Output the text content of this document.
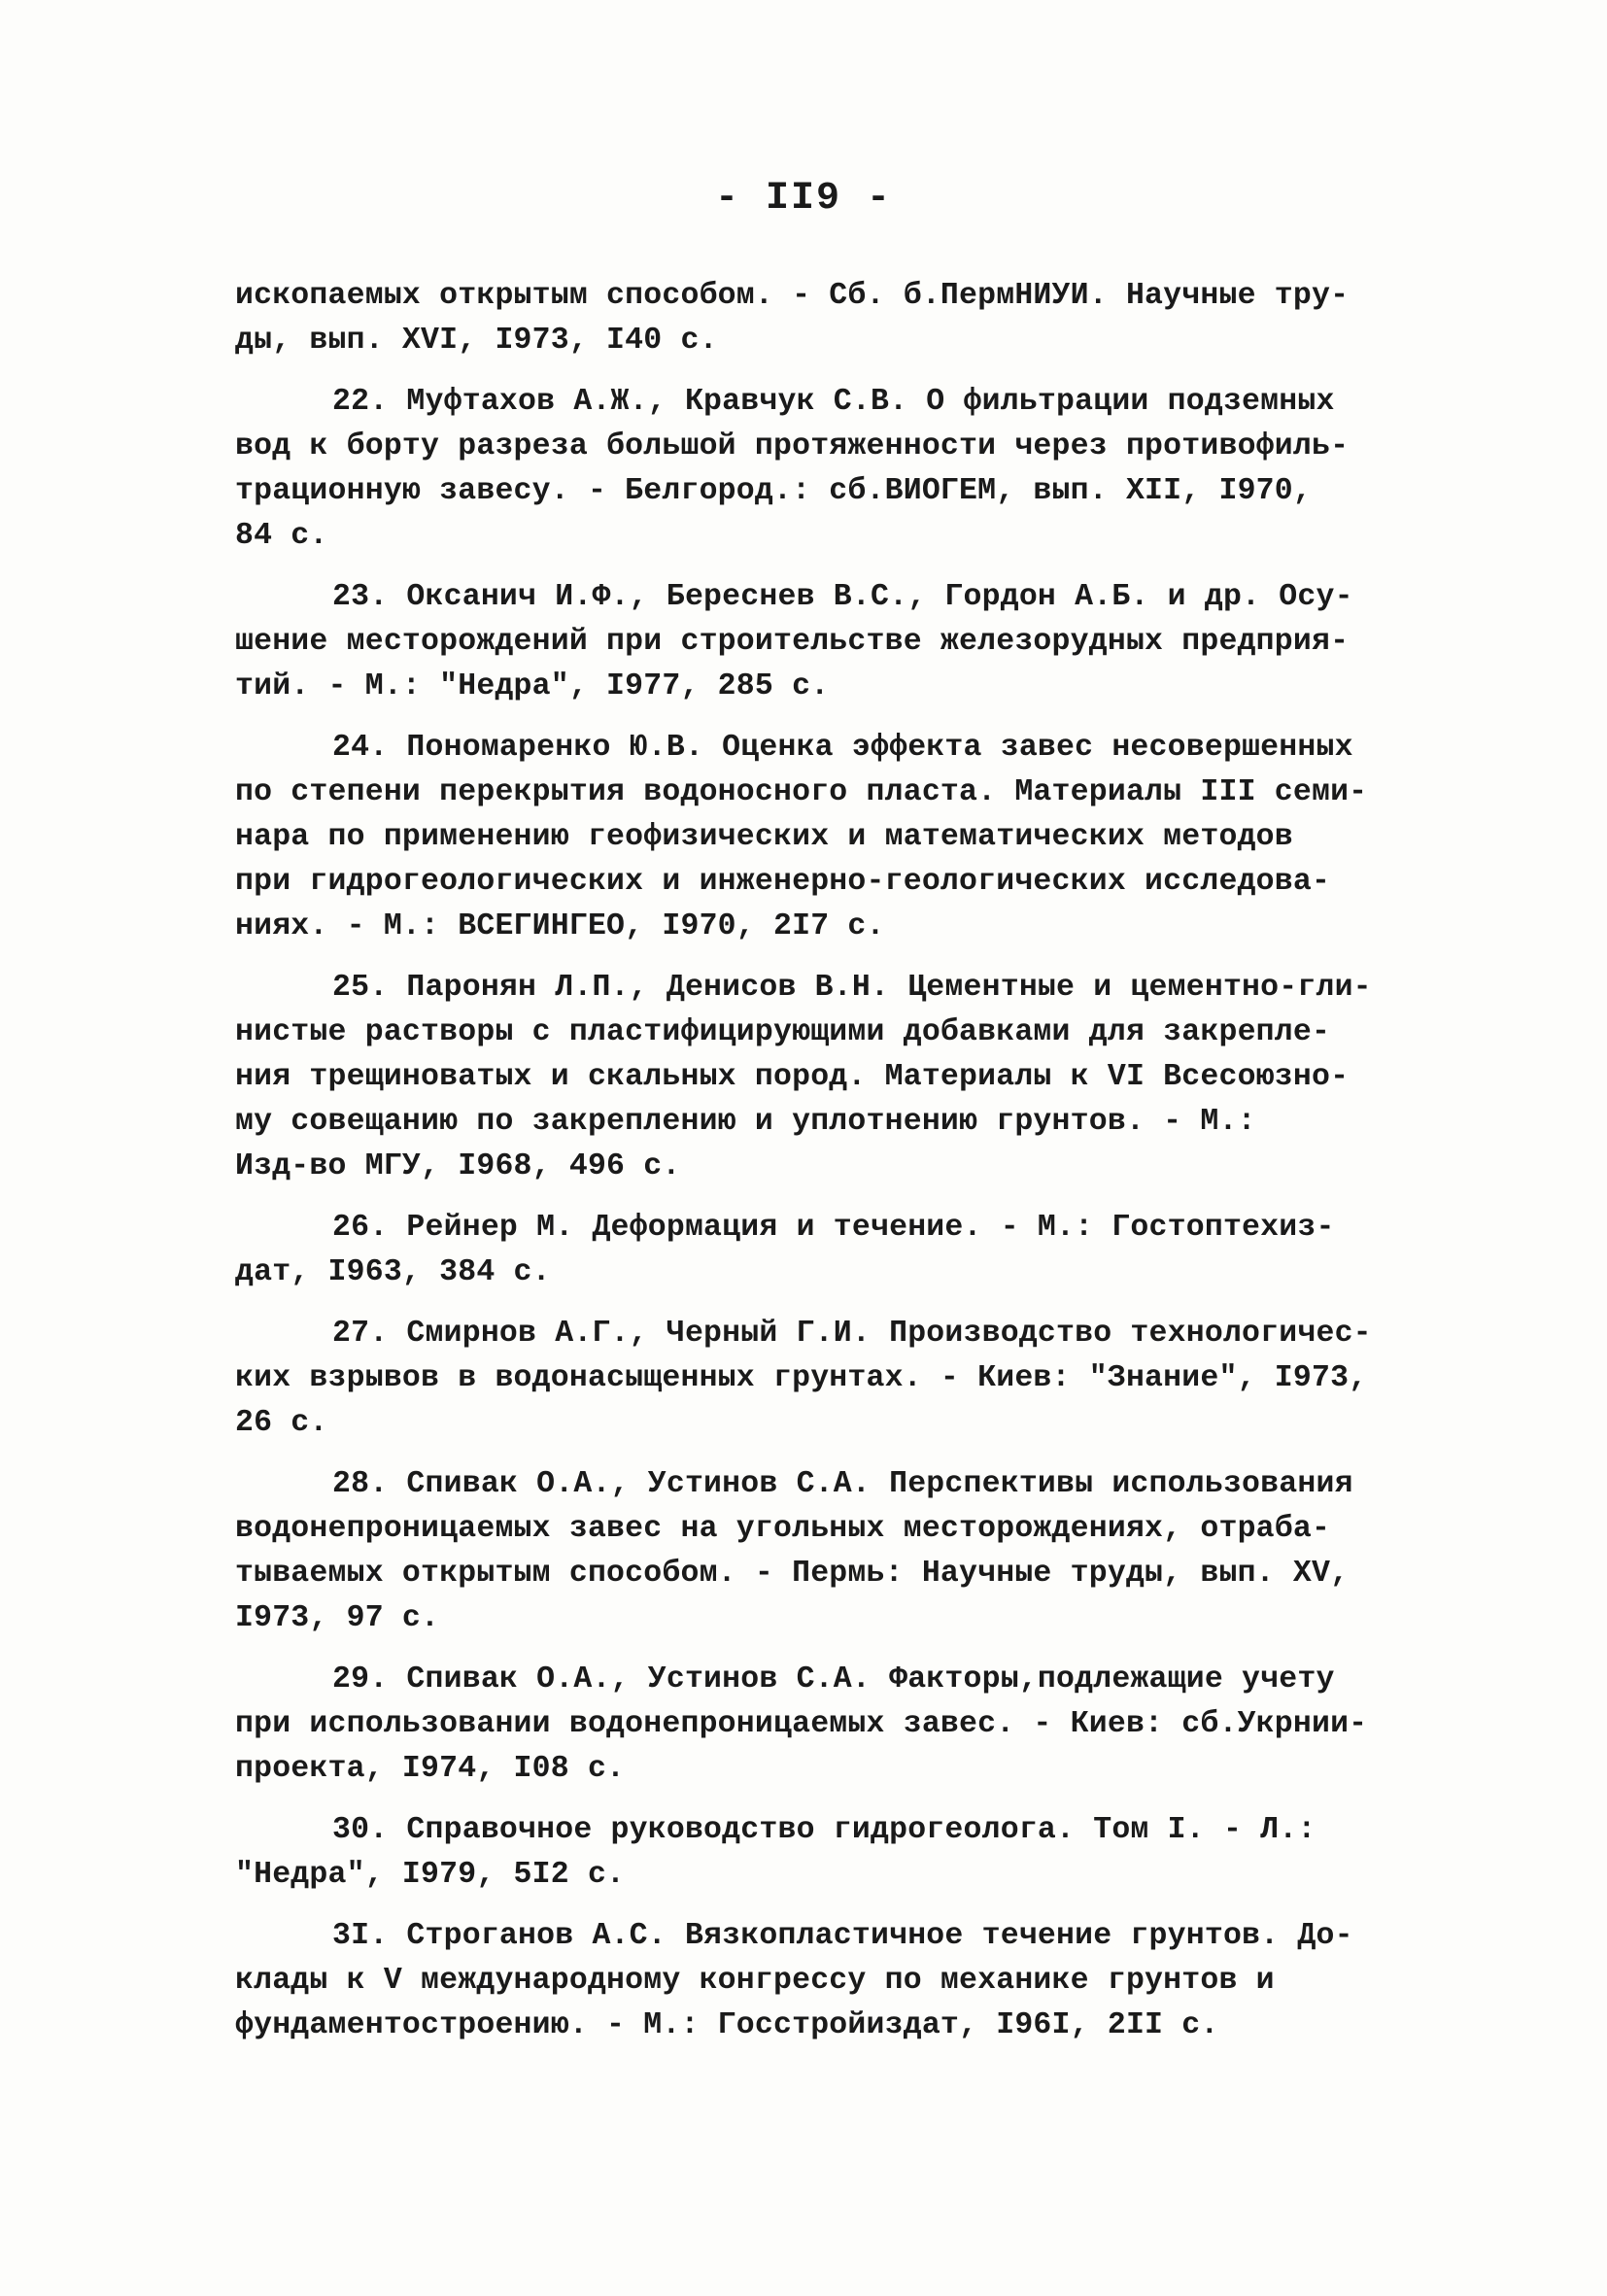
- II9 -
ископаемых открытым способом. - Сб. б.ПермНИУИ. Научные тру-
ды, вып. XVI, I973, I40 с.
22. Муфтахов А.Ж., Кравчук С.В. О фильтрации подземных
вод к борту разреза большой протяженности через противофиль-
трационную завесу. - Белгород.: сб.ВИОГЕМ, вып. XII, I970,
84 с.
23. Оксанич И.Ф., Береснев В.С., Гордон А.Б. и др. Осу-
шение месторождений при строительстве железорудных предприя-
тий. - М.: "Недра", I977, 285 с.
24. Пономаренко Ю.В. Оценка эффекта завес несовершенных
по степени перекрытия водоносного пласта. Материалы III семи-
нара по применению геофизических и математических методов
при гидрогеологических и инженерно-геологических исследова-
ниях. - М.: ВСЕГИНГЕО, I970, 2I7 с.
25. Паронян Л.П., Денисов В.Н. Цементные и цементно-гли-
нистые растворы с пластифицирующими добавками для закрепле-
ния трещиноватых и скальных пород. Материалы к VI Всесоюзно-
му совещанию по закреплению и уплотнению грунтов. - М.:
Изд-во МГУ, I968, 496 с.
26. Рейнер М. Деформация и течение. - М.: Гостоптехиз-
дат, I963, 384 с.
27. Смирнов А.Г., Черный Г.И. Производство технологичес-
ких взрывов в водонасыщенных грунтах. - Киев: "Знание", I973,
26 с.
28. Спивак О.А., Устинов С.А. Перспективы использования
водонепроницаемых завес на угольных месторождениях, отраба-
тываемых открытым способом. - Пермь: Научные труды, вып. XV,
I973, 97 с.
29. Спивак О.А., Устинов С.А. Факторы,подлежащие учету
при использовании водонепроницаемых завес. - Киев: сб.Укрнии-
проекта, I974, I08 с.
30. Справочное руководство гидрогеолога. Том I. - Л.:
"Недра", I979, 5I2 с.
3I. Строганов А.С. Вязкопластичное течение грунтов. До-
клады к V международному конгрессу по механике грунтов и
фундаментостроению. - М.: Госстройиздат, I96I, 2II с.
